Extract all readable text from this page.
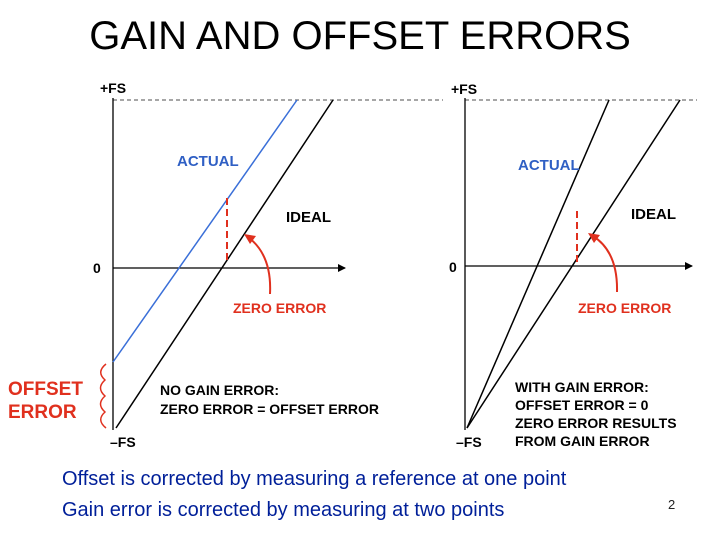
GAIN AND OFFSET ERRORS
+FS
0
–FS
ACTUAL
IDEAL
ZERO ERROR
OFFSET
ERROR
NO GAIN ERROR:
ZERO ERROR = OFFSET ERROR
+FS
0
–FS
ACTUAL
IDEAL
ZERO ERROR
WITH GAIN ERROR:
OFFSET ERROR = 0
ZERO ERROR RESULTS
FROM GAIN ERROR
Offset is corrected by measuring a reference at one point
Gain error is corrected by measuring at two points	2
